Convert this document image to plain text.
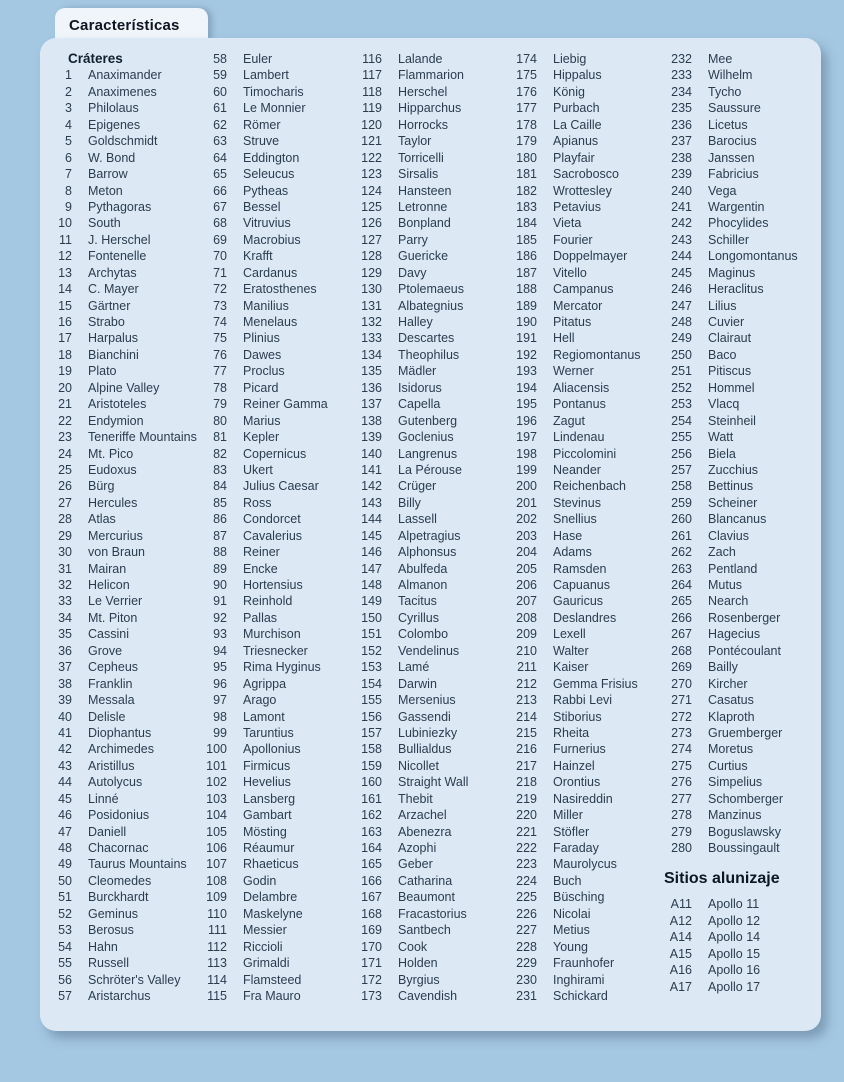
Características
Cráteres
1 Anaximander
2 Anaximenes
3 Philolaus
4 Epigenes
5 Goldschmidt
6 W. Bond
7 Barrow
8 Meton
9 Pythagoras
10 South
11 J. Herschel
12 Fontenelle
13 Archytas
14 C. Mayer
15 Gärtner
16 Strabo
17 Harpalus
18 Bianchini
19 Plato
20 Alpine Valley
21 Aristoteles
22 Endymion
23 Teneriffe Mountains
24 Mt. Pico
25 Eudoxus
26 Bürg
27 Hercules
28 Atlas
29 Mercurius
30 von Braun
31 Mairan
32 Helicon
33 Le Verrier
34 Mt. Piton
35 Cassini
36 Grove
37 Cepheus
38 Franklin
39 Messala
40 Delisle
41 Diophantus
42 Archimedes
43 Aristillus
44 Autolycus
45 Linné
46 Posidonius
47 Daniell
48 Chacornac
49 Taurus Mountains
50 Cleomedes
51 Burckhardt
52 Geminus
53 Berosus
54 Hahn
55 Russell
56 Schröter's Valley
57 Aristarchus
58 Euler
59 Lambert
60 Timocharis
61 Le Monnier
62 Römer
63 Struve
64 Eddington
65 Seleucus
66 Pytheas
67 Bessel
68 Vitruvius
69 Macrobius
70 Krafft
71 Cardanus
72 Eratosthenes
73 Manilius
74 Menelaus
75 Plinius
76 Dawes
77 Proclus
78 Picard
79 Reiner Gamma
80 Marius
81 Kepler
82 Copernicus
83 Ukert
84 Julius Caesar
85 Ross
86 Condorcet
87 Cavalerius
88 Reiner
89 Encke
90 Hortensius
91 Reinhold
92 Pallas
93 Murchison
94 Triesnecker
95 Rima Hyginus
96 Agrippa
97 Arago
98 Lamont
99 Taruntius
100 Apollonius
101 Firmicus
102 Hevelius
103 Lansberg
104 Gambart
105 Mösting
106 Réaumur
107 Rhaeticus
108 Godin
109 Delambre
110 Maskelyne
111 Messier
112 Riccioli
113 Grimaldi
114 Flamsteed
115 Fra Mauro
116 Lalande
117 Flammarion
118 Herschel
119 Hipparchus
120 Horrocks
121 Taylor
122 Torricelli
123 Sirsalis
124 Hansteen
125 Letronne
126 Bonpland
127 Parry
128 Guericke
129 Davy
130 Ptolemaeus
131 Albategnius
132 Halley
133 Descartes
134 Theophilus
135 Mädler
136 Isidorus
137 Capella
138 Gutenberg
139 Goclenius
140 Langrenus
141 La Pérouse
142 Crüger
143 Billy
144 Lassell
145 Alpetragius
146 Alphonsus
147 Abulfeda
148 Almanon
149 Tacitus
150 Cyrillus
151 Colombo
152 Vendelinus
153 Lamé
154 Darwin
155 Mersenius
156 Gassendi
157 Lubiniezky
158 Bullialdus
159 Nicollet
160 Straight Wall
161 Thebit
162 Arzachel
163 Abenezra
164 Azophi
165 Geber
166 Catharina
167 Beaumont
168 Fracastorius
169 Santbech
170 Cook
171 Holden
172 Byrgius
173 Cavendish
174 Liebig
175 Hippalus
176 König
177 Purbach
178 La Caille
179 Apianus
180 Playfair
181 Sacrobosco
182 Wrottesley
183 Petavius
184 Vieta
185 Fourier
186 Doppelmayer
187 Vitello
188 Campanus
189 Mercator
190 Pitatus
191 Hell
192 Regiomontanus
193 Werner
194 Aliacensis
195 Pontanus
196 Zagut
197 Lindenau
198 Piccolomini
199 Neander
200 Reichenbach
201 Stevinus
202 Snellius
203 Hase
204 Adams
205 Ramsden
206 Capuanus
207 Gauricus
208 Deslandres
209 Lexell
210 Walter
211 Kaiser
212 Gemma Frisius
213 Rabbi Levi
214 Stiborius
215 Rheita
216 Furnerius
217 Hainzel
218 Orontius
219 Nasireddin
220 Miller
221 Stöfler
222 Faraday
223 Maurolycus
224 Buch
225 Büsching
226 Nicolai
227 Metius
228 Young
229 Fraunhofer
230 Inghirami
231 Schickard
232 Mee
233 Wilhelm
234 Tycho
235 Saussure
236 Licetus
237 Barocius
238 Janssen
239 Fabricius
240 Vega
241 Wargentin
242 Phocylides
243 Schiller
244 Longomontanus
245 Maginus
246 Heraclitus
247 Lilius
248 Cuvier
249 Clairaut
250 Baco
251 Pitiscus
252 Hommel
253 Vlacq
254 Steinheil
255 Watt
256 Biela
257 Zucchius
258 Bettinus
259 Scheiner
260 Blancanus
261 Clavius
262 Zach
263 Pentland
264 Mutus
265 Nearch
266 Rosenberger
267 Hagecius
268 Pontécoulant
269 Bailly
270 Kircher
271 Casatus
272 Klaproth
273 Gruemberger
274 Moretus
275 Curtius
276 Simpelius
277 Schomberger
278 Manzinus
279 Boguslawsky
280 Boussingault
Sitios alunizaje
A11 Apollo 11
A12 Apollo 12
A14 Apollo 14
A15 Apollo 15
A16 Apollo 16
A17 Apollo 17
